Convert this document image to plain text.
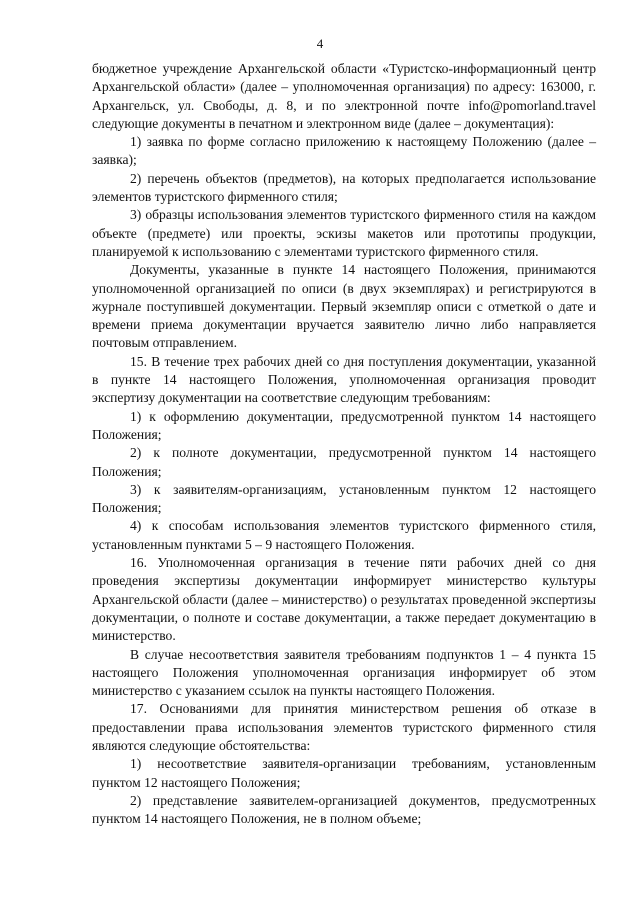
4

бюджетное учреждение Архангельской области «Туристско-информационный центр Архангельской области» (далее – уполномоченная организация) по адресу: 163000, г. Архангельск, ул. Свободы, д. 8, и по электронной почте info@pomorland.travel следующие документы в печатном и электронном виде (далее – документация):

1) заявка по форме согласно приложению к настоящему Положению (далее – заявка);

2) перечень объектов (предметов), на которых предполагается использование элементов туристского фирменного стиля;

3) образцы использования элементов туристского фирменного стиля на каждом объекте (предмете) или проекты, эскизы макетов или прототипы продукции, планируемой к использованию с элементами туристского фирменного стиля.

Документы, указанные в пункте 14 настоящего Положения, принимаются уполномоченной организацией по описи (в двух экземплярах) и регистрируются в журнале поступившей документации. Первый экземпляр описи с отметкой о дате и времени приема документации вручается заявителю лично либо направляется почтовым отправлением.

15. В течение трех рабочих дней со дня поступления документации, указанной в пункте 14 настоящего Положения, уполномоченная организация проводит экспертизу документации на соответствие следующим требованиям:

1) к оформлению документации, предусмотренной пунктом 14 настоящего Положения;

2) к полноте документации, предусмотренной пунктом 14 настоящего Положения;

3) к заявителям-организациям, установленным пунктом 12 настоящего Положения;

4) к способам использования элементов туристского фирменного стиля, установленным пунктами 5 – 9 настоящего Положения.

16. Уполномоченная организация в течение пяти рабочих дней со дня проведения экспертизы документации информирует министерство культуры Архангельской области (далее – министерство) о результатах проведенной экспертизы документации, о полноте и составе документации, а также передает документацию в министерство.

В случае несоответствия заявителя требованиям подпунктов 1 – 4 пункта 15 настоящего Положения уполномоченная организация информирует об этом министерство с указанием ссылок на пункты настоящего Положения.

17. Основаниями для принятия министерством решения об отказе в предоставлении права использования элементов туристского фирменного стиля являются следующие обстоятельства:

1) несоответствие заявителя-организации требованиям, установленным пунктом 12 настоящего Положения;

2) представление заявителем-организацией документов, предусмотренных пунктом 14 настоящего Положения, не в полном объеме;
